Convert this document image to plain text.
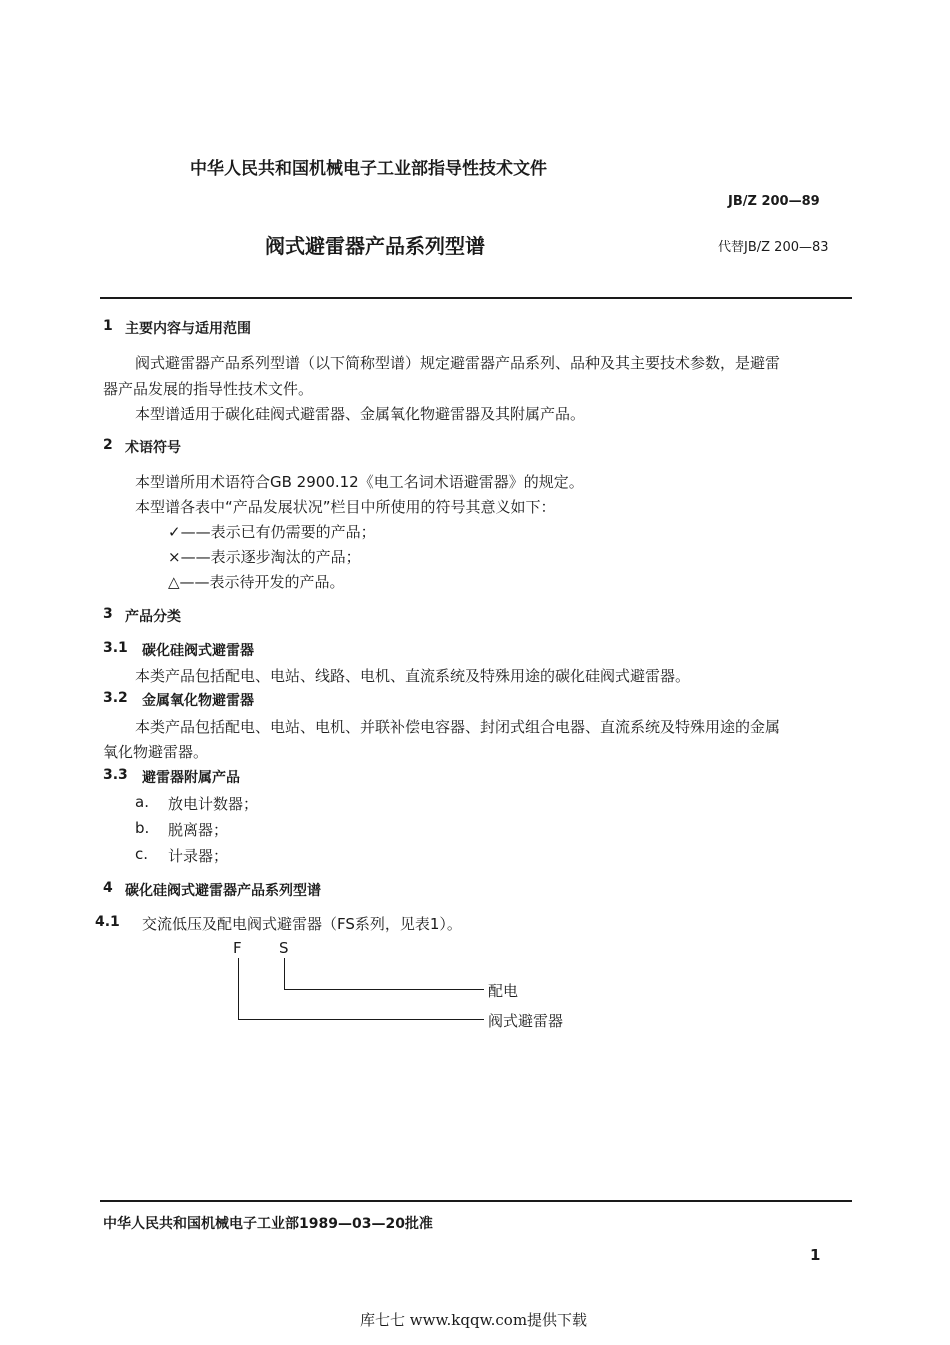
中华人民共和国机械电子工业部指导性技术文件
JB/Z 200—89
阀式避雷器产品系列型谱	代替JB/Z 200—83
1 主要内容与适用范围
阀式避雷器产品系列型谱（以下简称型谱）规定避雷器产品系列、品种及其主要技术参数，是避雷
器产品发展的指导性技术文件。
本型谱适用于碳化硅阀式避雷器、金属氧化物避雷器及其附属产品。
2 术语符号
本型谱所用术语符合GB 2900.12《电工名词术语避雷器》的规定。
本型谱各表中“产品发展状况”栏目中所使用的符号其意义如下：
✓——表示已有仍需要的产品；
×——表示逐步淘汰的产品；
△——表示待开发的产品。
3 产品分类
3.1 碳化硅阀式避雷器
本类产品包括配电、电站、线路、电机、直流系统及特殊用途的碳化硅阀式避雷器。
3.2 金属氧化物避雷器
本类产品包括配电、电站、电机、并联补偿电容器、封闭式组合电器、直流系统及特殊用途的金属
氧化物避雷器。
3.3 避雷器附属产品
a. 放电计数器；
b. 脱离器；
c. 计录器；
4 碳化硅阀式避雷器产品系列型谱
4.1 交流低压及配电阀式避雷器（FS系列，见表1）。
F S
配电
阀式避雷器
中华人民共和国机械电子工业部1989—03—20批准
1
库七七 www.kqqw.com提供下载
